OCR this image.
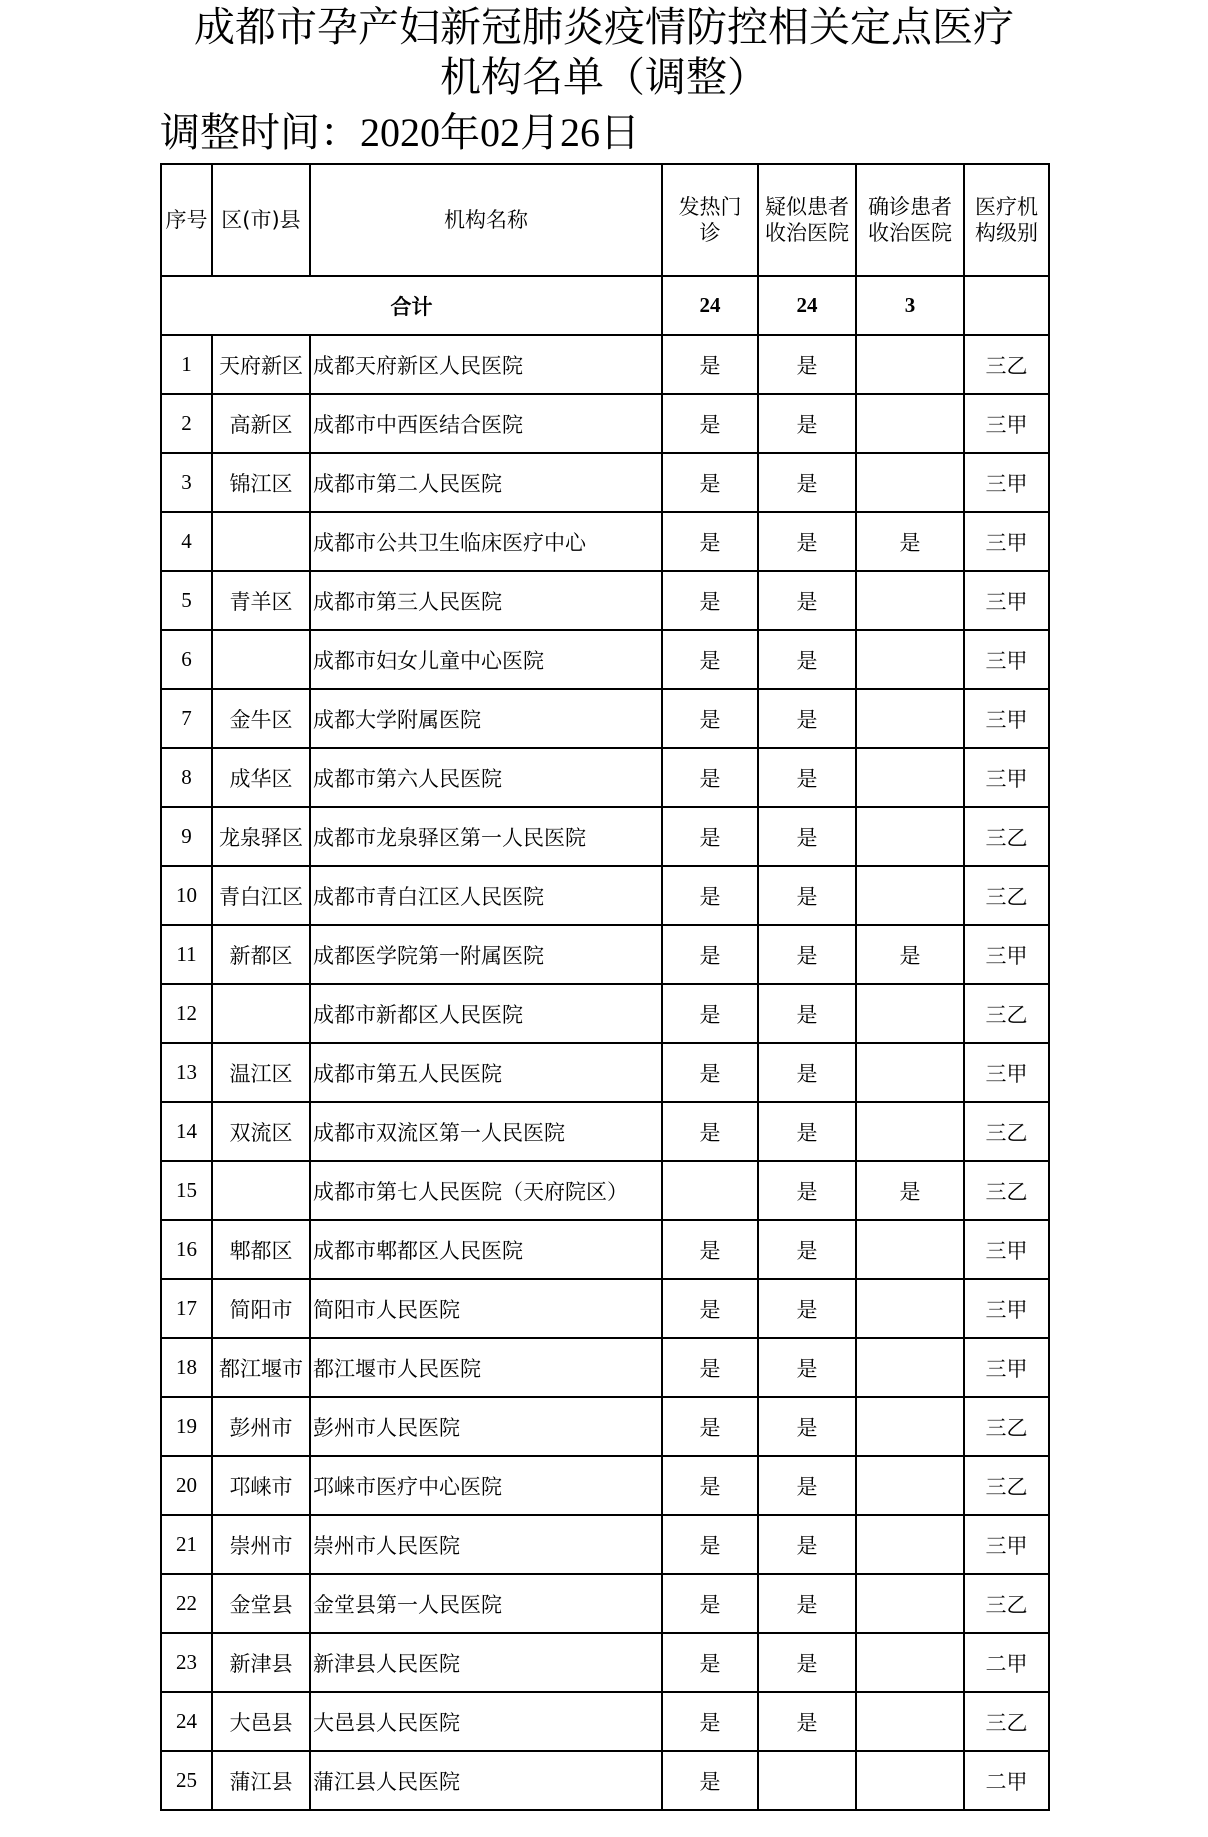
成都市孕产妇新冠肺炎疫情防控相关定点医疗
机构名单（调整）
调整时间：2020年02月26日
序号	区(市)县	机构名称	发热门诊	疑似患者收治医院	确诊患者收治医院	医疗机构级别
合计			24	24	3	
1	天府新区	成都天府新区人民医院	是	是		三乙
2	高新区	成都市中西医结合医院	是	是		三甲
3	锦江区	成都市第二人民医院	是	是		三甲
4		成都市公共卫生临床医疗中心	是	是	是	三甲
5	青羊区	成都市第三人民医院	是	是		三甲
6		成都市妇女儿童中心医院	是	是		三甲
7	金牛区	成都大学附属医院	是	是		三甲
8	成华区	成都市第六人民医院	是	是		三甲
9	龙泉驿区	成都市龙泉驿区第一人民医院	是	是		三乙
10	青白江区	成都市青白江区人民医院	是	是		三乙
11	新都区	成都医学院第一附属医院	是	是	是	三甲
12		成都市新都区人民医院	是	是		三乙
13	温江区	成都市第五人民医院	是	是		三甲
14	双流区	成都市双流区第一人民医院	是	是		三乙
15		成都市第七人民医院（天府院区）		是	是	三乙
16	郫都区	成都市郫都区人民医院	是	是		三甲
17	简阳市	简阳市人民医院	是	是		三甲
18	都江堰市	都江堰市人民医院	是	是		三甲
19	彭州市	彭州市人民医院	是	是		三乙
20	邛崃市	邛崃市医疗中心医院	是	是		三乙
21	崇州市	崇州市人民医院	是	是		三甲
22	金堂县	金堂县第一人民医院	是	是		三乙
23	新津县	新津县人民医院	是	是		二甲
24	大邑县	大邑县人民医院	是	是		三乙
25	蒲江县	蒲江县人民医院	是			二甲
